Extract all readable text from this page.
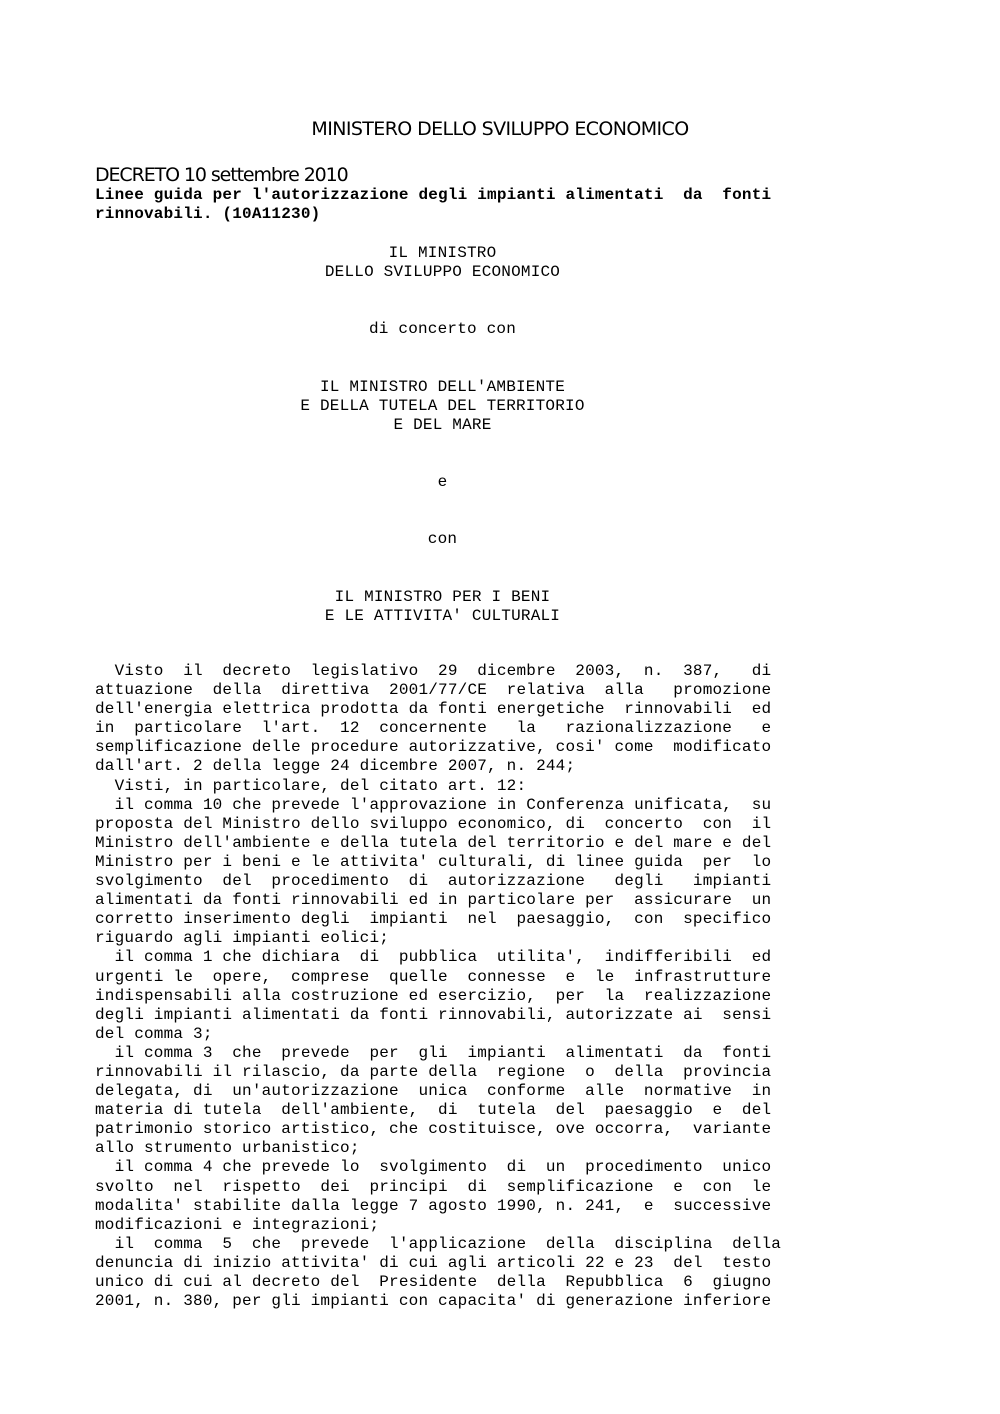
MINISTERO DELLO SVILUPPO ECONOMICO
DECRETO 10 settembre 2010
Linee guida per l'autorizzazione degli impianti alimentati  da  fonti
rinnovabili. (10A11230)
IL MINISTRO
DELLO SVILUPPO ECONOMICO
di concerto con
IL MINISTRO DELL'AMBIENTE
E DELLA TUTELA DEL TERRITORIO
E DEL MARE
e
con
IL MINISTRO PER I BENI
E LE ATTIVITA' CULTURALI
Visto  il  decreto  legislativo  29  dicembre  2003,  n.  387,   di
attuazione  della  direttiva  2001/77/CE  relativa  alla   promozione
dell'energia elettrica prodotta da fonti energetiche  rinnovabili  ed
in  particolare  l'art.  12  concernente   la   razionalizzazione   e
semplificazione delle procedure autorizzative, cosi' come  modificato
dall'art. 2 della legge 24 dicembre 2007, n. 244;
Visti, in particolare, del citato art. 12:
il comma 10 che prevede l'approvazione in Conferenza unificata,  su
proposta del Ministro dello sviluppo economico, di  concerto  con  il
Ministro dell'ambiente e della tutela del territorio e del mare e del
Ministro per i beni e le attivita' culturali, di linee guida  per  lo
svolgimento  del  procedimento  di  autorizzazione   degli   impianti
alimentati da fonti rinnovabili ed in particolare per  assicurare  un
corretto inserimento degli  impianti  nel  paesaggio,  con  specifico
riguardo agli impianti eolici;
il comma 1 che dichiara  di  pubblica  utilita',  indifferibili  ed
urgenti le  opere,  comprese  quelle  connesse  e  le  infrastrutture
indispensabili alla costruzione ed esercizio,  per  la  realizzazione
degli impianti alimentati da fonti rinnovabili, autorizzate ai  sensi
del comma 3;
il comma 3  che  prevede  per  gli  impianti  alimentati  da  fonti
rinnovabili il rilascio, da parte della  regione  o  della  provincia
delegata, di  un'autorizzazione  unica  conforme  alle  normative  in
materia di tutela  dell'ambiente,  di  tutela  del  paesaggio  e  del
patrimonio storico artistico, che costituisce, ove occorra,  variante
allo strumento urbanistico;
il comma 4 che prevede lo  svolgimento  di  un  procedimento  unico
svolto  nel  rispetto  dei  principi  di  semplificazione  e  con  le
modalita' stabilite dalla legge 7 agosto 1990, n. 241,  e  successive
modificazioni e integrazioni;
il  comma  5  che  prevede  l'applicazione  della  disciplina  della
denuncia di inizio attivita' di cui agli articoli 22 e 23  del  testo
unico di cui al decreto del  Presidente  della  Repubblica  6  giugno
2001, n. 380, per gli impianti con capacita' di generazione inferiore
